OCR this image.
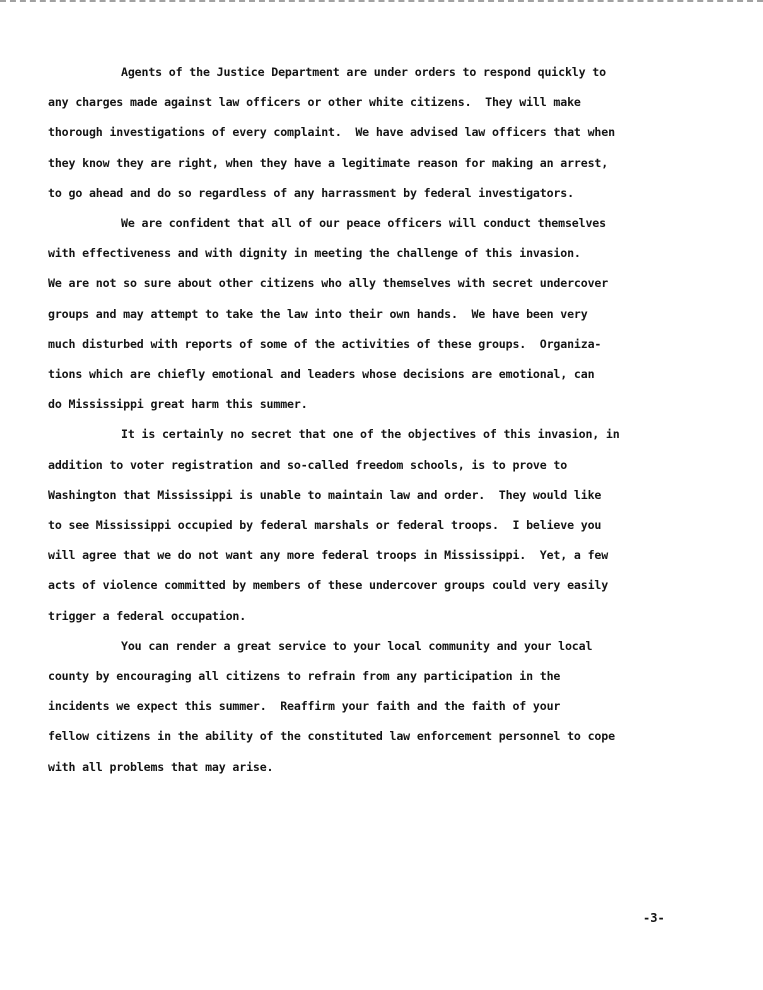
Agents of the Justice Department are under orders to respond quickly to
any charges made against law officers or other white citizens.  They will make
thorough investigations of every complaint.  We have advised law officers that when
they know they are right, when they have a legitimate reason for making an arrest,
to go ahead and do so regardless of any harrassment by federal investigators.
We are confident that all of our peace officers will conduct themselves
with effectiveness and with dignity in meeting the challenge of this invasion.
We are not so sure about other citizens who ally themselves with secret undercover
groups and may attempt to take the law into their own hands.  We have been very
much disturbed with reports of some of the activities of these groups.  Organiza-
tions which are chiefly emotional and leaders whose decisions are emotional, can
do Mississippi great harm this summer.
It is certainly no secret that one of the objectives of this invasion, in
addition to voter registration and so-called freedom schools, is to prove to
Washington that Mississippi is unable to maintain law and order.  They would like
to see Mississippi occupied by federal marshals or federal troops.  I believe you
will agree that we do not want any more federal troops in Mississippi.  Yet, a few
acts of violence committed by members of these undercover groups could very easily
trigger a federal occupation.
You can render a great service to your local community and your local
county by encouraging all citizens to refrain from any participation in the
incidents we expect this summer.  Reaffirm your faith and the faith of your
fellow citizens in the ability of the constituted law enforcement personnel to cope
with all problems that may arise.
-3-
